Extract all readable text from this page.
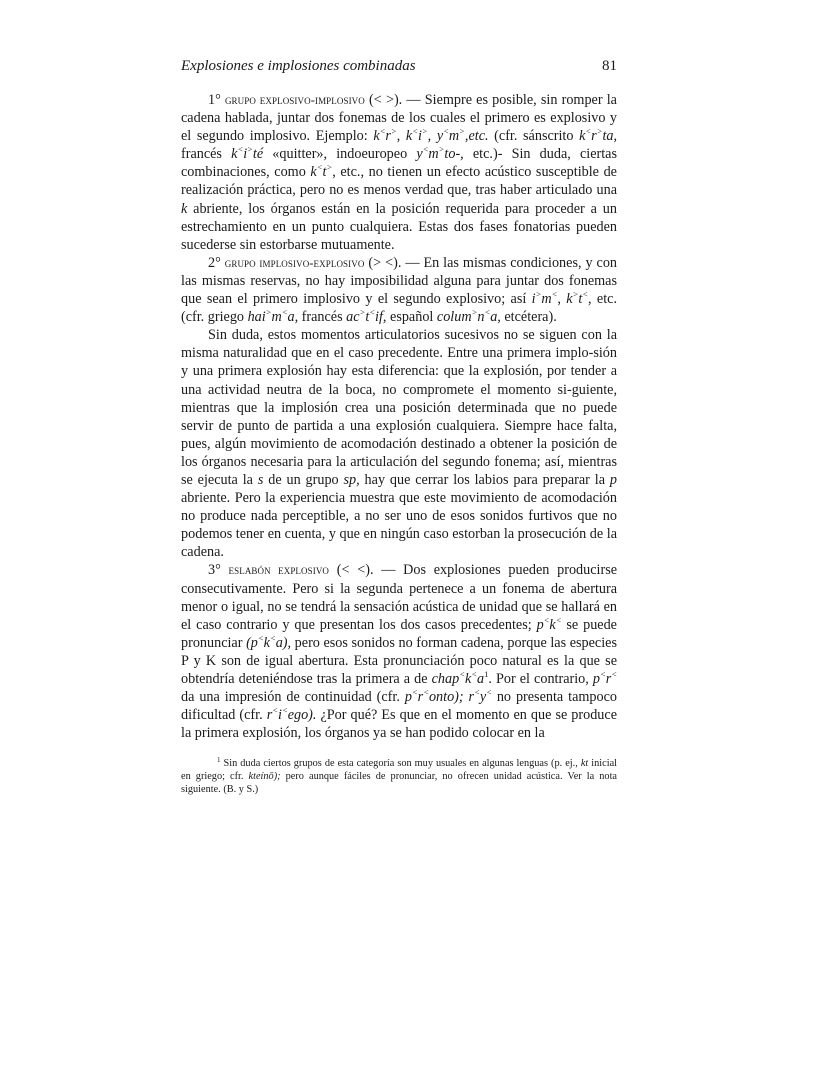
Explosiones e implosiones combinadas	81

1° grupo explosivo-implosivo (< >). — Siempre es posible, sin romper la cadena hablada, juntar dos fonemas de los cuales el primero es explosivo y el segundo implosivo. Ejemplo: k<r>, k<i>, y<m>,etc. (cfr. sánscrito k<r>ta, francés k<i>té «quitter», indoeuropeo y<m>to-, etc.)- Sin duda, ciertas combinaciones, como k<t>, etc., no tienen un efecto acústico susceptible de realización práctica, pero no es menos verdad que, tras haber articulado una k abriente, los órganos están en la posición requerida para proceder a un estrechamiento en un punto cualquiera. Estas dos fases fonatorias pueden sucederse sin estorbarse mutuamente.

2° grupo implosivo-explosivo (> <). — En las mismas condiciones, y con las mismas reservas, no hay imposibilidad alguna para juntar dos fonemas que sean el primero implosivo y el segundo explosivo; así i>m<, k>t<, etc. (cfr. griego hai>m<a, francés ac>t<if, español colum>n<a, etcétera).

Sin duda, estos momentos articulatorios sucesivos no se siguen con la misma naturalidad que en el caso precedente. Entre una primera implo-sión y una primera explosión hay esta diferencia: que la explosión, por tender a una actividad neutra de la boca, no compromete el momento si-guiente, mientras que la implosión crea una posición determinada que no puede servir de punto de partida a una explosión cualquiera. Siempre hace falta, pues, algún movimiento de acomodación destinado a obtener la posición de los órganos necesaria para la articulación del segundo fonema; así, mientras se ejecuta la s de un grupo sp, hay que cerrar los labios para preparar la p abriente. Pero la experiencia muestra que este movimiento de acomodación no produce nada perceptible, a no ser uno de esos sonidos furtivos que no podemos tener en cuenta, y que en ningún caso estorban la prosecución de la cadena.

3° eslabón explosivo (< <). — Dos explosiones pueden producirse consecutivamente. Pero si la segunda pertenece a un fonema de abertura menor o igual, no se tendrá la sensación acústica de unidad que se hallará en el caso contrario y que presentan los dos casos precedentes; p<k< se puede pronunciar (p<k<a), pero esos sonidos no forman cadena, porque las especies P y K son de igual abertura. Esta pronunciación poco natural es la que se obtendría deteniéndose tras la primera a de $chap^<k^<a^1$. Por el contrario, p<r< da una impresión de continuidad (cfr. p<r<onto); r<y< no presenta tampoco dificultad (cfr. r<i<ego). ¿Por qué? Es que en el momento en que se produce la primera explosión, los órganos ya se han podido colocar en la

$^1$ Sin duda ciertos grupos de esta categoría son muy usuales en algunas lenguas (p. ej., kt inicial en griego; cfr. kteínō); pero aunque fáciles de pronunciar, no ofrecen unidad acústica. Ver la nota siguiente. (B. y S.)
